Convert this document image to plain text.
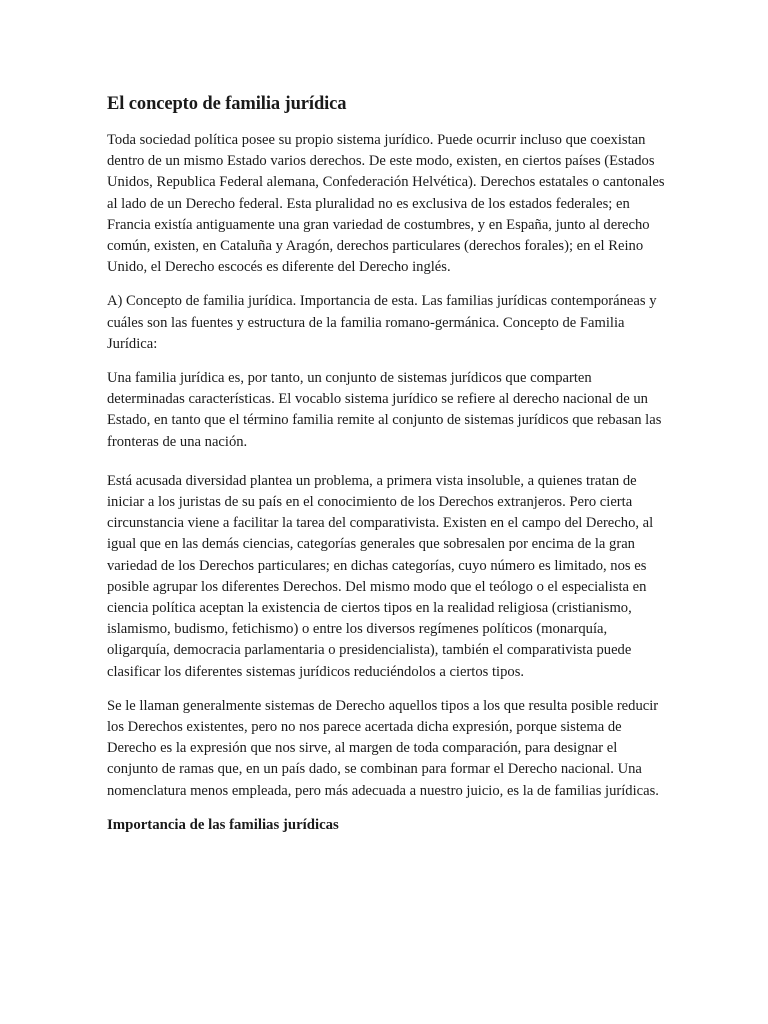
El concepto de familia jurídica

Toda sociedad política posee su propio sistema jurídico. Puede ocurrir incluso que coexistan dentro de un mismo Estado varios derechos. De este modo, existen, en ciertos países (Estados Unidos, Republica Federal alemana, Confederación Helvética). Derechos estatales o cantonales al lado de un Derecho federal. Esta pluralidad no es exclusiva de los estados federales; en Francia existía antiguamente una gran variedad de costumbres, y en España, junto al derecho común, existen, en Cataluña y Aragón, derechos particulares (derechos forales); en el Reino Unido, el Derecho escocés es diferente del Derecho inglés.

A) Concepto de familia jurídica. Importancia de esta. Las familias jurídicas contemporáneas y cuáles son las fuentes y estructura de la familia romano-germánica. Concepto de Familia Jurídica:

Una familia jurídica es, por tanto, un conjunto de sistemas jurídicos que comparten determinadas características. El vocablo sistema jurídico se refiere al derecho nacional de un Estado, en tanto que el término familia remite al conjunto de sistemas jurídicos que rebasan las fronteras de una nación.

Está acusada diversidad plantea un problema, a primera vista insoluble, a quienes tratan de iniciar a los juristas de su país en el conocimiento de los Derechos extranjeros. Pero cierta circunstancia viene a facilitar la tarea del comparativista. Existen en el campo del Derecho, al igual que en las demás ciencias, categorías generales que sobresalen por encima de la gran variedad de los Derechos particulares; en dichas categorías, cuyo número es limitado, nos es posible agrupar los diferentes Derechos. Del mismo modo que el teólogo o el especialista en ciencia política aceptan la existencia de ciertos tipos en la realidad religiosa (cristianismo, islamismo, budismo, fetichismo) o entre los diversos regímenes políticos (monarquía, oligarquía, democracia parlamentaria o presidencialista), también el comparativista puede clasificar los diferentes sistemas jurídicos reduciéndolos a ciertos tipos.

Se le llaman generalmente sistemas de Derecho aquellos tipos a los que resulta posible reducir los Derechos existentes, pero no nos parece acertada dicha expresión, porque sistema de Derecho es la expresión que nos sirve, al margen de toda comparación, para designar el conjunto de ramas que, en un país dado, se combinan para formar el Derecho nacional. Una nomenclatura menos empleada, pero más adecuada a nuestro juicio, es la de familias jurídicas.

Importancia de las familias jurídicas
